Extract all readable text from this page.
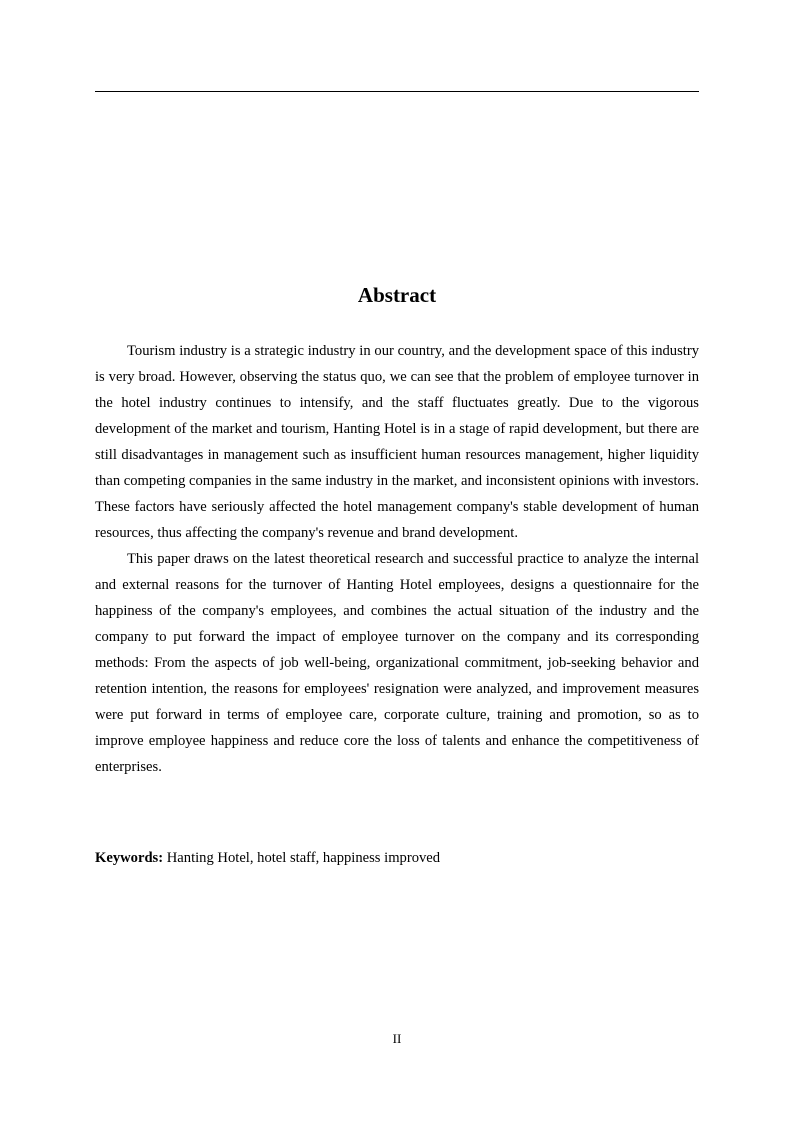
Abstract

Tourism industry is a strategic industry in our country, and the development space of this industry is very broad. However, observing the status quo, we can see that the problem of employee turnover in the hotel industry continues to intensify, and the staff fluctuates greatly. Due to the vigorous development of the market and tourism, Hanting Hotel is in a stage of rapid development, but there are still disadvantages in management such as insufficient human resources management, higher liquidity than competing companies in the same industry in the market, and inconsistent opinions with investors. These factors have seriously affected the hotel management company's stable development of human resources, thus affecting the company's revenue and brand development.

This paper draws on the latest theoretical research and successful practice to analyze the internal and external reasons for the turnover of Hanting Hotel employees, designs a questionnaire for the happiness of the company's employees, and combines the actual situation of the industry and the company to put forward the impact of employee turnover on the company and its corresponding methods: From the aspects of job well-being, organizational commitment, job-seeking behavior and retention intention, the reasons for employees' resignation were analyzed, and improvement measures were put forward in terms of employee care, corporate culture, training and promotion, so as to improve employee happiness and reduce core the loss of talents and enhance the competitiveness of enterprises.

Keywords: Hanting Hotel, hotel staff, happiness improved

II
